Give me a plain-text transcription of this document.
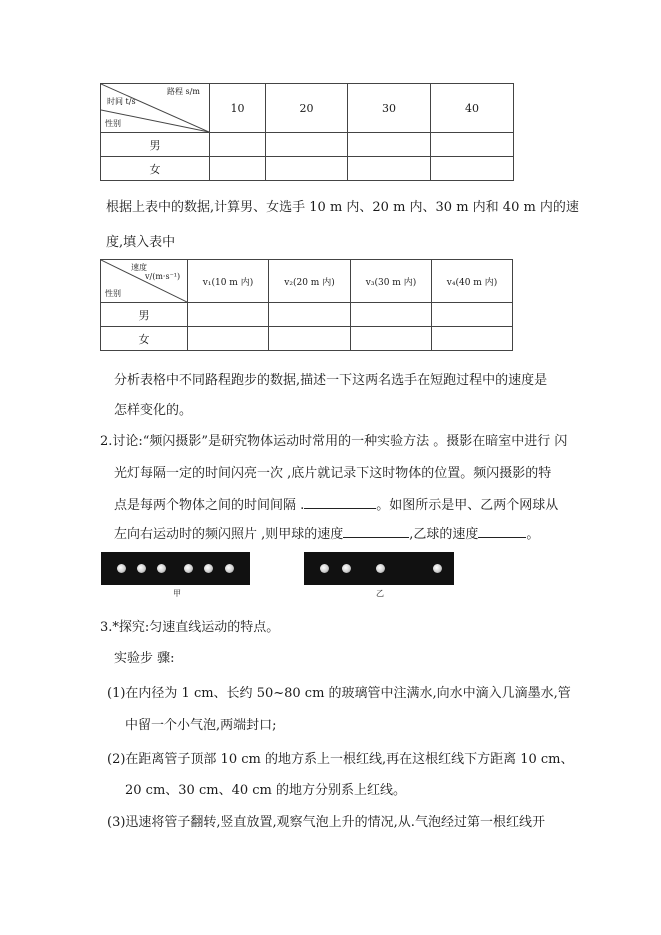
路程 s/m
时间 t/s
性别	10	20	30	40
男				
女				
根据上表中的数据,计算男、女选手 10 m 内、20 m 内、30 m 内和 40 m 内的速
度,填入表中
速度
v/(m·s⁻¹)
性别	v₁(10 m 内)	v₂(20 m 内)	v₃(30 m 内)	v₄(40 m 内)
男				
女				
分析表格中不同路程跑步的数据,描述一下这两名选手在短跑过程中的速度是
怎样变化的。
2.讨论:“频闪摄影”是研究物体运动时常用的一种实验方法 。摄影在暗室中进行 闪
光灯每隔一定的时间闪亮一次 ,底片就记录下这时物体的位置。频闪摄影的特
点是每两个物体之间的时间间隔 .	。如图所示是甲、乙两个网球从
左向右运动时的频闪照片 ,则甲球的速度	,乙球的速度	。
甲	乙
3.*探究:匀速直线运动的特点。
实验步 骤:
(1)在内径为 1 cm、长约 50~80 cm 的玻璃管中注满水,向水中滴入几滴墨水,管
中留一个小气泡,两端封口;
(2)在距离管子顶部 10 cm 的地方系上一根红线,再在这根红线下方距离 10 cm、
20 cm、30 cm、40 cm 的地方分别系上红线。
(3)迅速将管子翻转,竖直放置,观察气泡上升的情况,从.气泡经过第一根红线开
